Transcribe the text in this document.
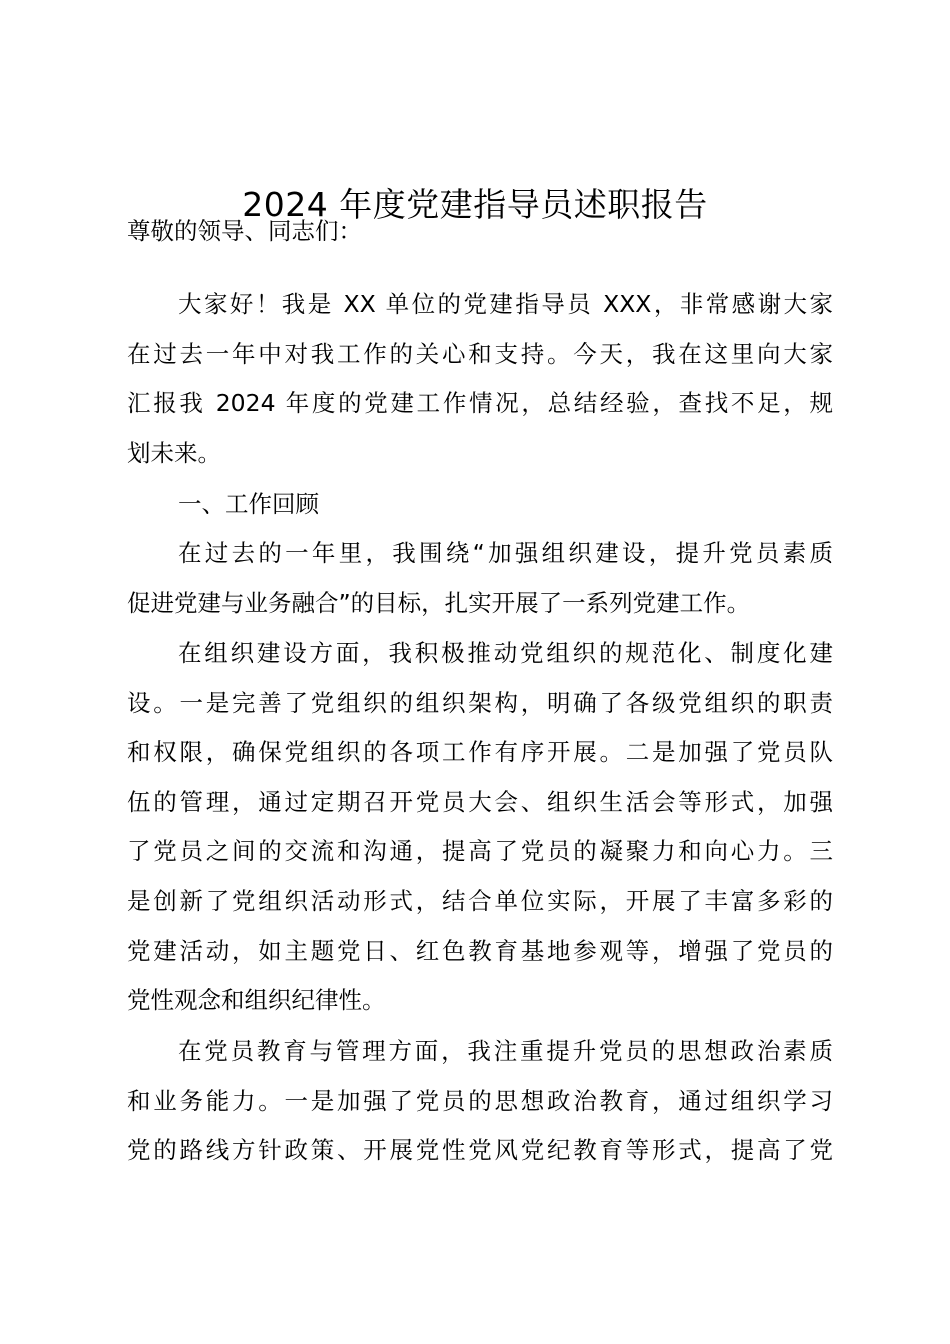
2024 年度党建指导员述职报告
尊敬的领导、同志们：
大家好！我是 XX 单位的党建指导员 XXX，非常感谢大家
在过去一年中对我工作的关心和支持。今天，我在这里向大家
汇报我 2024 年度的党建工作情况，总结经验，查找不足，规
划未来。
一、工作回顾
在过去的一年里，我围绕“加强组织建设，提升党员素质
促进党建与业务融合”的目标，扎实开展了一系列党建工作。
在组织建设方面，我积极推动党组织的规范化、制度化建
设。一是完善了党组织的组织架构，明确了各级党组织的职责
和权限，确保党组织的各项工作有序开展。二是加强了党员队
伍的管理，通过定期召开党员大会、组织生活会等形式，加强
了党员之间的交流和沟通，提高了党员的凝聚力和向心力。三
是创新了党组织活动形式，结合单位实际，开展了丰富多彩的
党建活动，如主题党日、红色教育基地参观等，增强了党员的
党性观念和组织纪律性。
在党员教育与管理方面，我注重提升党员的思想政治素质
和业务能力。一是加强了党员的思想政治教育，通过组织学习
党的路线方针政策、开展党性党风党纪教育等形式，提高了党
